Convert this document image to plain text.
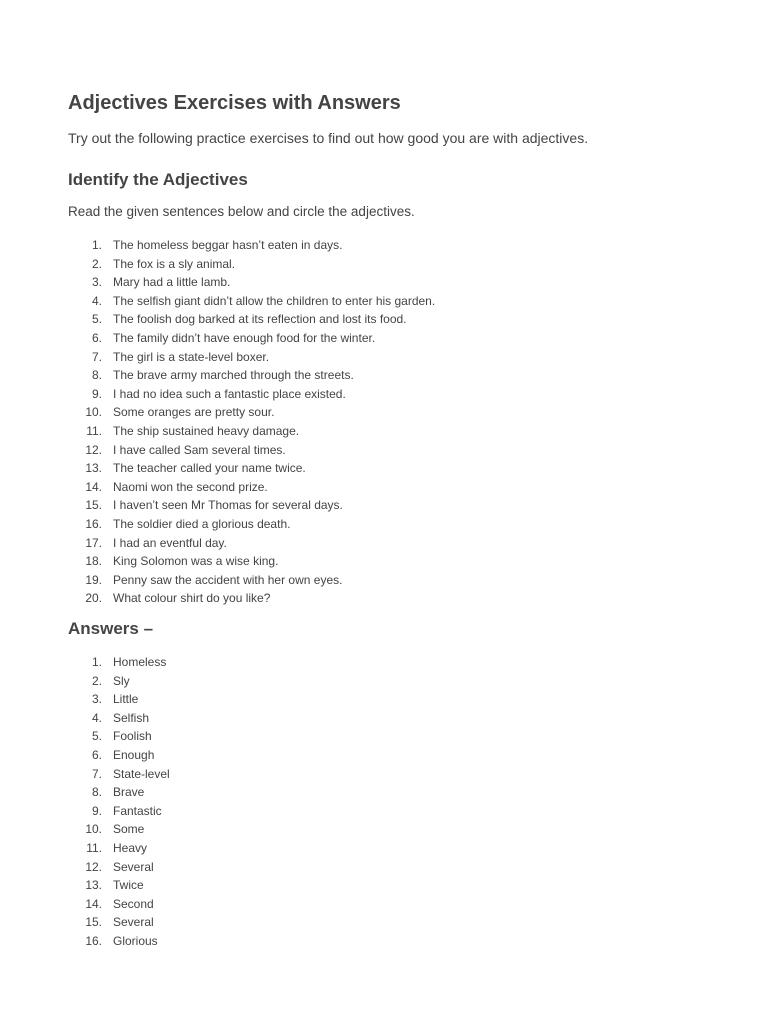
Adjectives Exercises with Answers

Try out the following practice exercises to find out how good you are with adjectives.

Identify the Adjectives

Read the given sentences below and circle the adjectives.

1. The homeless beggar hasn’t eaten in days.
2. The fox is a sly animal.
3. Mary had a little lamb.
4. The selfish giant didn’t allow the children to enter his garden.
5. The foolish dog barked at its reflection and lost its food.
6. The family didn’t have enough food for the winter.
7. The girl is a state-level boxer.
8. The brave army marched through the streets.
9. I had no idea such a fantastic place existed.
10. Some oranges are pretty sour.
11. The ship sustained heavy damage.
12. I have called Sam several times.
13. The teacher called your name twice.
14. Naomi won the second prize.
15. I haven’t seen Mr Thomas for several days.
16. The soldier died a glorious death.
17. I had an eventful day.
18. King Solomon was a wise king.
19. Penny saw the accident with her own eyes.
20. What colour shirt do you like?
Answers –
1. Homeless
2. Sly
3. Little
4. Selfish
5. Foolish
6. Enough
7. State-level
8. Brave
9. Fantastic
10. Some
11. Heavy
12. Several
13. Twice
14. Second
15. Several
16. Glorious
